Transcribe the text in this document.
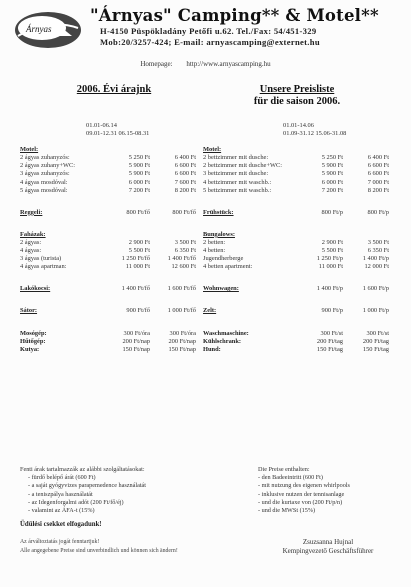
Árnyas
"Árnyas" Camping** & Motel**
H-4150 Püspökladány Petőfi u.62. Tel./Fax: 54/451-329
Mob:20/3257-424; E-mail: arnyascamping@externet.hu
Homepage: http://www.arnyascamping.hu
2006. Évi árajnk
01.01-06.14
09.01-12.31 06.15-08.31
Motel:
2 ágyas zuhanyzós:	5 250 Ft	6 400 Ft
2 ágyas zuhany+WC:	5 900 Ft	6 600 Ft
3 ágyas zuhanyzós:	5 900 Ft	6 600 Ft
4 ágyas mosdóval:	6 000 Ft	7 600 Ft
5 ágyas mosdóval:	7 200 Ft	8 200 Ft
Reggeli:	800 Ft/fő	800 Ft/fő
Faházak:
2 ágyas:	2 900 Ft	3 500 Ft
4 ágyas:	5 500 Ft	6 350 Ft
3 ágyas (turista)	1 250 Ft/fő	1 400 Ft/fő
4 ágyas apartman:	11 000 Ft	12 600 Ft
Lakókocsi:	1 400 Ft/fő	1 600 Ft/fő
Sátor:	900 Ft/fő	1 000 Ft/fő
Mosógép:	300 Ft/óra	300 Ft/óra
Hűtőgép:	200 Ft/nap	200 Ft/nap
Kutya:	150 Ft/nap	150 Ft/nap
Unsere Preisliste
für die saison 2006.
01.01-14.06
01.09-31.12 15.06-31.08
Motel:
2 bettzimmer mit dusche:	5 250 Ft	6 400 Ft
2 bettzimmer mit dusche+WC:	5 900 Ft	6 600 Ft
3 bettzimmer mit dusche:	5 900 Ft	6 600 Ft
4 bettzimmer mit waschb.:	6 000 Ft	7 000 Ft
5 bettzimmer mit waschb.:	7 200 Ft	8 200 Ft
Frühstück:	800 Ft/p	800 Ft/p
Bungalows:
2 betten:	2 900 Ft	3 500 Ft
4 betten:	5 500 Ft	6 350 Ft
Jugendherberge	1 250 Ft/p	1 400 Ft/p
4 betten apartment:	11 000 Ft	12 000 Ft
Wohnwagen:	1 400 Ft/p	1 600 Ft/p
Zelt:	900 Ft/p	1 000 Ft/p
Waschmaschine:	300 Ft/st	300 Ft/st
Kühlschrank:	200 Ft/tag	200 Ft/tag
Hund:	150 Ft/tag	150 Ft/tag
Fenti árak tartalmazzák az alábbi szolgáltatásokat:
- fürdő belépő árát (600 Ft)
- a saját gyógyvizes parapemedence használatát
- a teniszpálya használatát
- az Idegenforgalmi adót (200 Ft/fő/éj)
- valamint az ÁFA-t (15%)
Üdülési csekket elfogadunk!
Die Preise enthalten:
- den Badeeintritt (600 Ft)
- mit nutzung des eigenen whirlpools
- inklusive nutzen der tennisanlage
- und die kurtaxe von (200 Ft/p/n)
- und die MWSt (15%)
Az árváltoztatás jogát fenntartjuk!
Alle angegebene Preise sind unverbindlich und können sich ändern!
Zsuzsanna Hujnal
Kempingvezető Geschäftsführer
